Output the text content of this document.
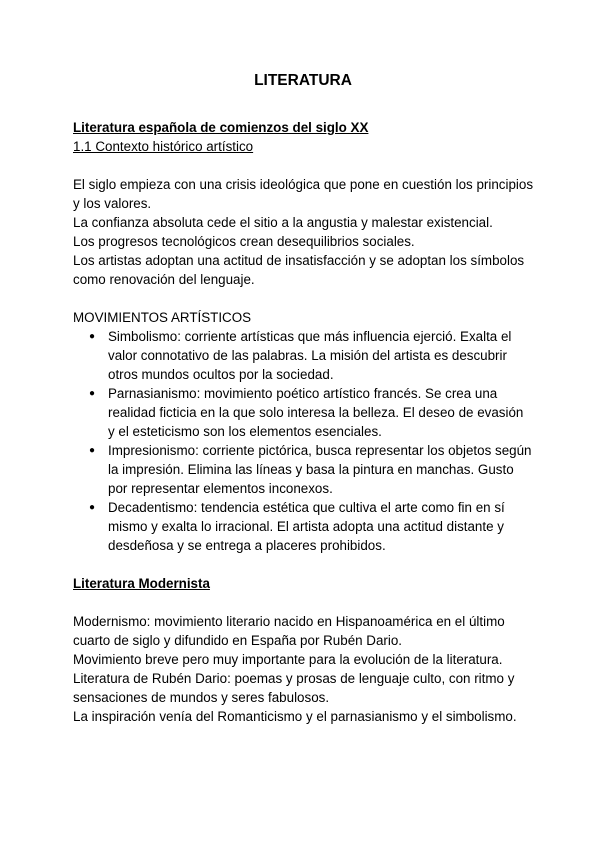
LITERATURA

Literatura española de comienzos del siglo XX

1.1 Contexto histórico artístico

El siglo empieza con una crisis ideológica que pone en cuestión los principios y los valores.

La confianza absoluta cede el sitio a la angustia y malestar existencial.

Los progresos tecnológicos crean desequilibrios sociales.

Los artistas adoptan una actitud de insatisfacción y se adoptan los símbolos como renovación del lenguaje.

MOVIMIENTOS ARTÍSTICOS

● Simbolismo: corriente artísticas que más influencia ejerció. Exalta el valor connotativo de las palabras. La misión del artista es descubrir otros mundos ocultos por la sociedad.
● Parnasianismo: movimiento poético artístico francés. Se crea una realidad ficticia en la que solo interesa la belleza. El deseo de evasión y el esteticismo son los elementos esenciales.
● Impresionismo: corriente pictórica, busca representar los objetos según la impresión. Elimina las líneas y basa la pintura en manchas. Gusto por representar elementos inconexos.
● Decadentismo: tendencia estética que cultiva el arte como fin en sí mismo y exalta lo irracional. El artista adopta una actitud distante y desdeñosa y se entrega a placeres prohibidos.

Literatura Modernista

Modernismo: movimiento literario nacido en Hispanoamérica en el último cuarto de siglo y difundido en España por Rubén Dario.

Movimiento breve pero muy importante para la evolución de la literatura.

Literatura de Rubén Dario: poemas y prosas de lenguaje culto, con ritmo y sensaciones de mundos y seres fabulosos.

La inspiración venía del Romanticismo y el parnasianismo y el simbolismo.
